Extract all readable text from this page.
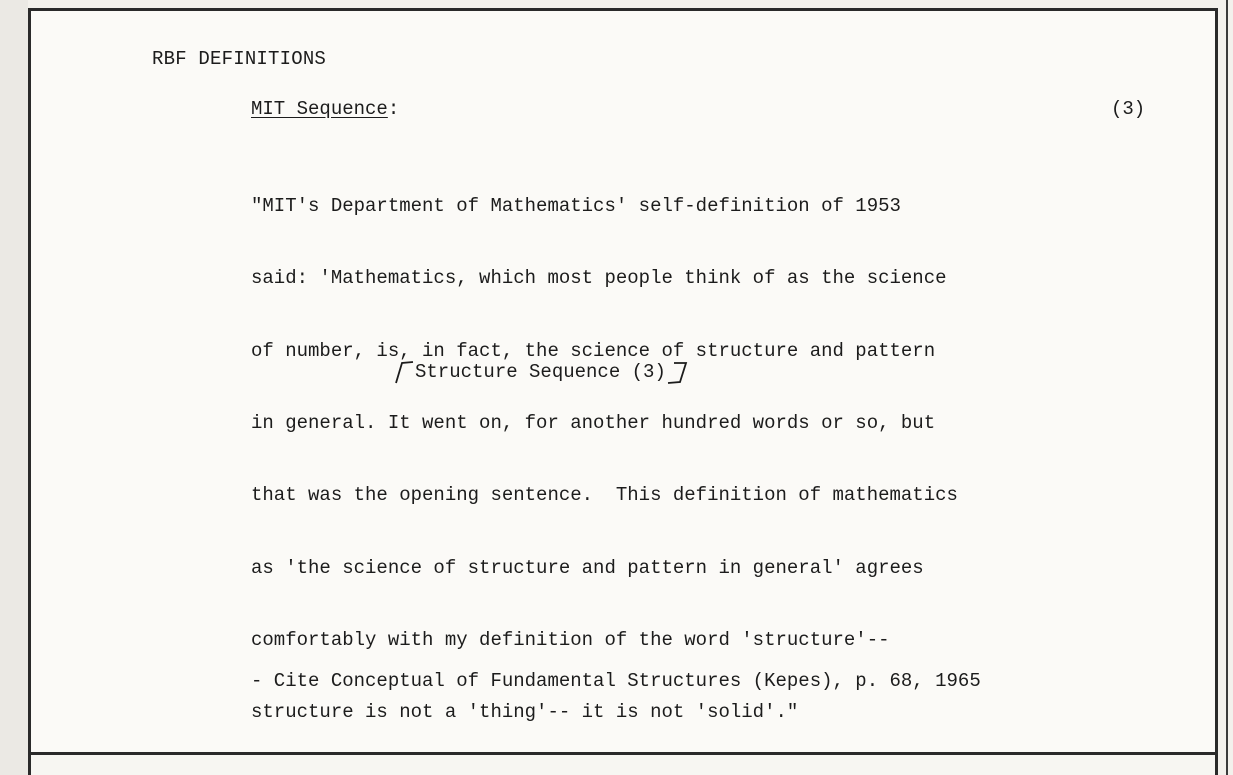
RBF DEFINITIONS
MIT Sequence:	(3)

"MIT's Department of Mathematics' self-definition of 1953

said: 'Mathematics, which most people think of as the science

of number, is, in fact, the science of structure and pattern

in general. It went on, for another hundred words or so, but

that was the opening sentence.  This definition of mathematics

as 'the science of structure and pattern in general' agrees

comfortably with my definition of the word 'structure'--

structure is not a 'thing'-- it is not 'solid'."

Structure Sequence (3)
- Cite Conceptual of Fundamental Structures (Kepes), p. 68, 1965
